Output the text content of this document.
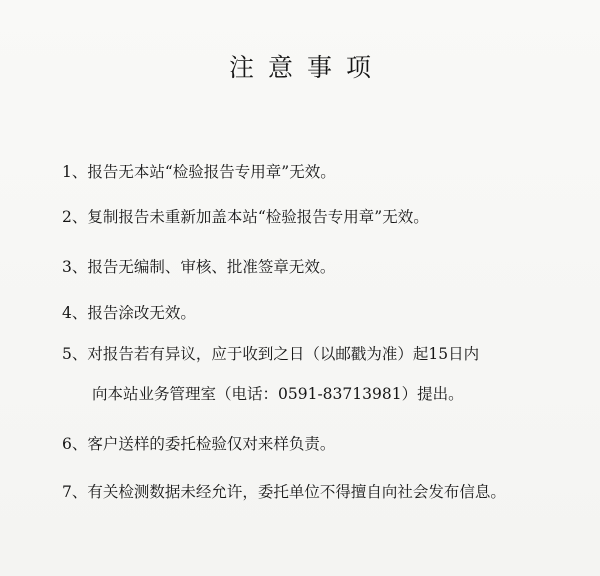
注意事项
1、报告无本站“检验报告专用章”无效。
2、复制报告未重新加盖本站“检验报告专用章”无效。
3、报告无编制、审核、批准签章无效。
4、报告涂改无效。
5、对报告若有异议，应于收到之日（以邮戳为准）起15日内
向本站业务管理室（电话：0591-83713981）提出。
6、客户送样的委托检验仅对来样负责。
7、有关检测数据未经允许，委托单位不得擅自向社会发布信息。
